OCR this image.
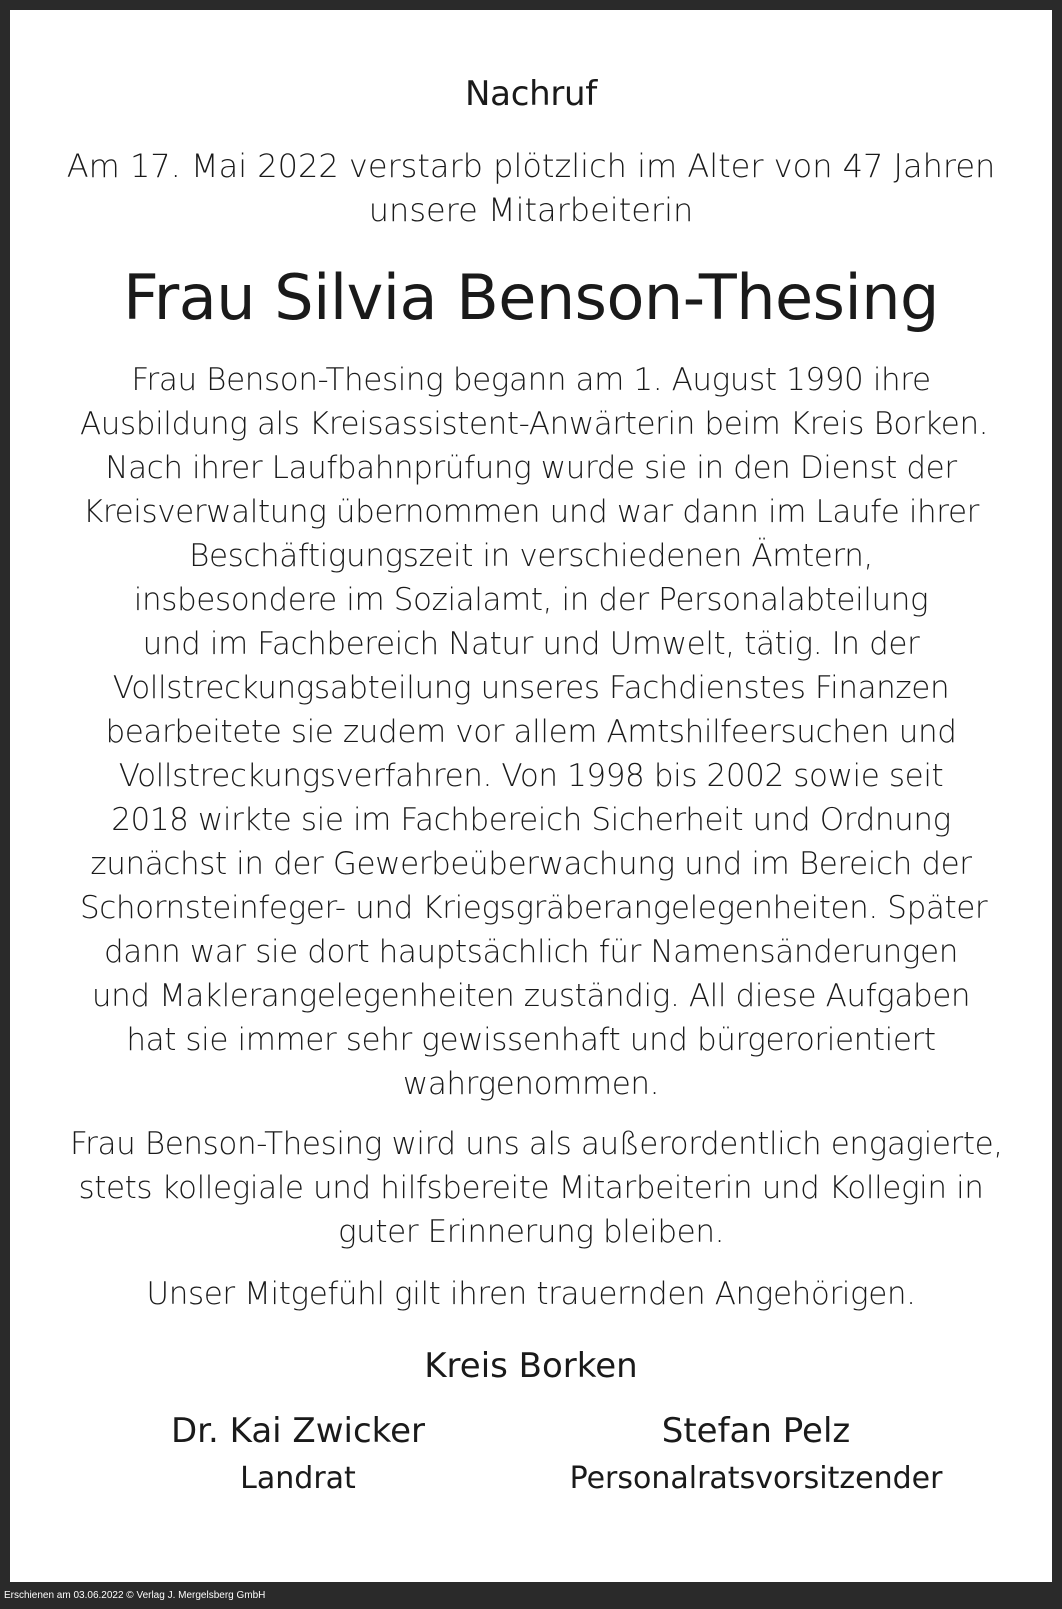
Nachruf
Am 17. Mai 2022 verstarb plötzlich im Alter von 47 Jahren
unsere Mitarbeiterin
Frau Silvia Benson-Thesing
Frau Benson-Thesing begann am 1. August 1990 ihre
Ausbildung als Kreisassistent-Anwärterin beim Kreis Borken.
Nach ihrer Laufbahnprüfung wurde sie in den Dienst der
Kreisverwaltung übernommen und war dann im Laufe ihrer
Beschäftigungszeit in verschiedenen Ämtern,
insbesondere im Sozialamt, in der Personalabteilung
und im Fachbereich Natur und Umwelt, tätig. In der
Vollstreckungsabteilung unseres Fachdienstes Finanzen
bearbeitete sie zudem vor allem Amtshilfeersuchen und
Vollstreckungsverfahren. Von 1998 bis 2002 sowie seit
2018 wirkte sie im Fachbereich Sicherheit und Ordnung
zunächst in der Gewerbeüberwachung und im Bereich der
Schornsteinfeger- und Kriegsgräberangelegenheiten. Später
dann war sie dort hauptsächlich für Namensänderungen
und Maklerangelegenheiten zuständig. All diese Aufgaben
hat sie immer sehr gewissenhaft und bürgerorientiert
wahrgenommen.
Frau Benson-Thesing wird uns als außerordentlich engagierte,
stets kollegiale und hilfsbereite Mitarbeiterin und Kollegin in
guter Erinnerung bleiben.
Unser Mitgefühl gilt ihren trauernden Angehörigen.
Kreis Borken
Dr. Kai Zwicker
Landrat
Stefan Pelz
Personalratsvorsitzender
Erschienen am 03.06.2022 © Verlag J. Mergelsberg GmbH
